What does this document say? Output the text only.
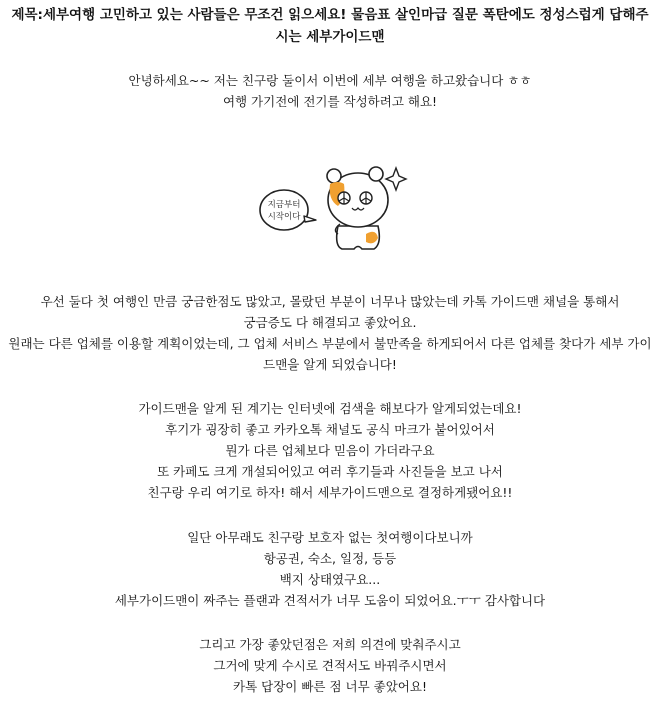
제목:세부여행 고민하고 있는 사람들은 무조건 읽으세요! 물음표 살인마급 질문 폭탄에도 정성스럽게 답해주시는 세부가이드맨
안녕하세요~~ 저는 친구랑 둘이서 이번에 세부 여행을 하고왔습니다 ㅎㅎ
여행 가기전에 전기를 작성하려고 해요!
지금부터
시작이다
우선 둘다 첫 여행인 만큼 궁금한점도 많았고, 몰랐던 부분이 너무나 많았는데 카톡 가이드맨 채널을 통해서
궁금증도 다 해결되고 좋았어요.
원래는 다른 업체를 이용할 계획이었는데, 그 업체 서비스 부분에서 불만족을 하게되어서 다른 업체를 찾다가 세부 가이
드맨을 알게 되었습니다!
가이드맨을 알게 된 계기는 인터넷에 검색을 해보다가 알게되었는데요!
후기가 굉장히 좋고 카카오톡 채널도 공식 마크가 붙어있어서
뭔가 다른 업체보다 믿음이 가더라구요
또 카페도 크게 개설되어있고 여러 후기들과 사진들을 보고 나서
친구랑 우리 여기로 하자! 해서 세부가이드맨으로 결정하게됐어요!!
일단 아무래도 친구랑 보호자 없는 첫여행이다보니까
항공권, 숙소, 일정, 등등
백지 상태였구요...
세부가이드맨이 짜주는 플랜과 견적서가 너무 도움이 되었어요.ㅜㅜ 감사합니다
그리고 가장 좋았던점은 저희 의견에 맞춰주시고
그거에 맞게 수시로 견적서도 바꿔주시면서
카톡 답장이 빠른 점 너무 좋았어요!
